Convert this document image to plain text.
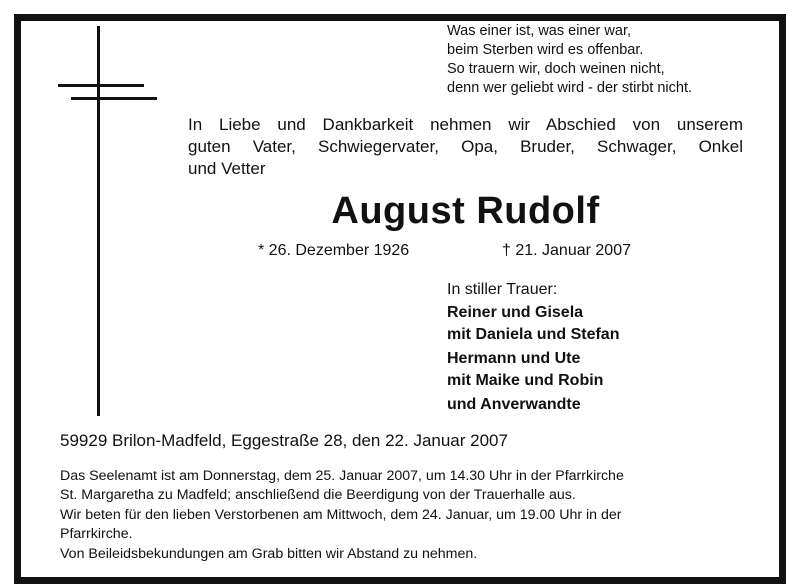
Was einer ist, was einer war,
beim Sterben wird es offenbar.
So trauern wir, doch weinen nicht,
denn wer geliebt wird - der stirbt nicht.
In Liebe und Dankbarkeit nehmen wir Abschied von unserem
guten Vater, Schwiegervater, Opa, Bruder, Schwager, Onkel
und Vetter
August Rudolf
* 26. Dezember 1926	† 21. Januar 2007
In stiller Trauer:
Reiner und Gisela
mit Daniela und Stefan
Hermann und Ute
mit Maike und Robin
und Anverwandte
59929 Brilon-Madfeld, Eggestraße 28, den 22. Januar 2007
Das Seelenamt ist am Donnerstag, dem 25. Januar 2007, um 14.30 Uhr in der Pfarrkirche
St. Margaretha zu Madfeld; anschließend die Beerdigung von der Trauerhalle aus.
Wir beten für den lieben Verstorbenen am Mittwoch, dem 24. Januar, um 19.00 Uhr in der
Pfarrkirche.
Von Beileidsbekundungen am Grab bitten wir Abstand zu nehmen.
